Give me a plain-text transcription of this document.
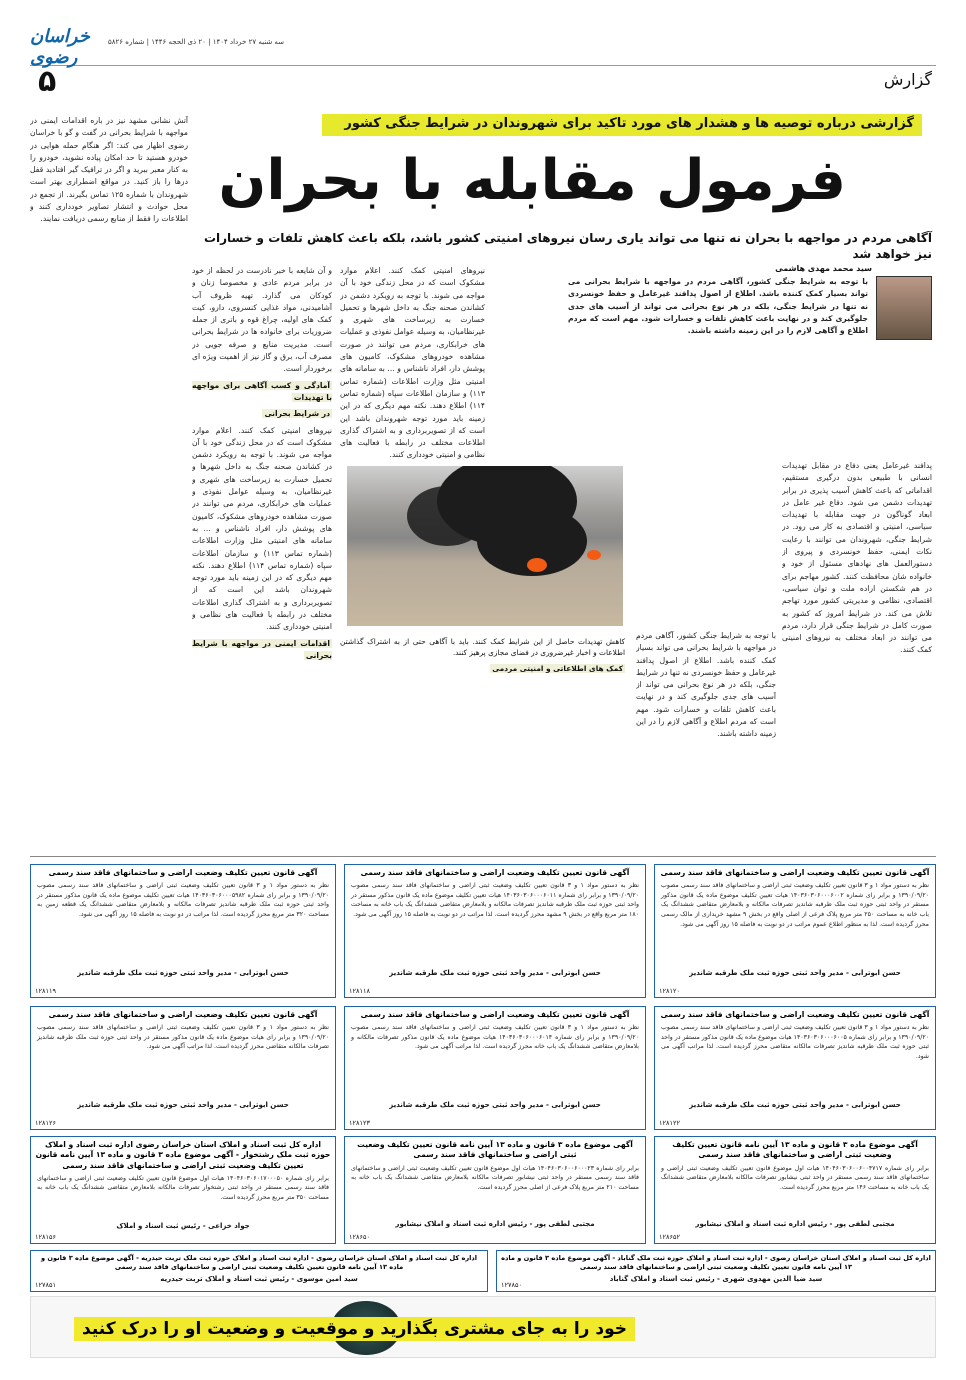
خراسان رضوی
سه شنبه ۲۷ خرداد ۱۴۰۴ | ۲۰ ذی الحجه ۱۴۴۶ | شماره ۵۸۲۶
۵	گزارش
گزارشی درباره توصیه ها و هشدار های مورد تاکید برای شهروندان در شرایط جنگی کشور
فرمول مقابله با بحران
آگاهی مردم در مواجهه با بحران نه تنها می تواند یاری رسان نیروهای امنیتی کشور باشد، بلکه باعث کاهش تلفات و خسارات نیز خواهد شد
سید محمد مهدی هاشمی
با توجه به شرایط جنگی کشور، آگاهی مردم در مواجهه با شرایط بحرانی می تواند بسیار کمک کننده باشد. اطلاع از اصول پدافند غیرعامل و حفظ خونسردی نه تنها در شرایط جنگی، بلکه در هر نوع بحرانی می تواند از آسیب های جدی جلوگیری کند و در نهایت باعث کاهش تلفات و خسارات شود. مهم است که مردم اطلاع و آگاهی لازم را در این زمینه داشته باشند.
پدافند غیرعامل یعنی دفاع در مقابل تهدیدات انسانی با طبیعی بدون درگیری مستقیم، اقداماتی که باعث کاهش آسیب پذیری در برابر تهدیدات دشمن می شود. دفاع غیر عامل در ابعاد گوناگون در جهت مقابله با تهدیدات سیاسی، امنیتی و اقتصادی به کار می رود. در شرایط جنگی، شهروندان می توانند با رعایت نکات ایمنی، حفظ خونسردی و پیروی از دستورالعمل های نهادهای مسئول از خود و خانواده شان محافظت کنند. کشور مهاجم برای در هم شکستن اراده ملت و توان سیاسی، اقتصادی، نظامی و مدیریتی کشور مورد تهاجم تلاش می کند. در شرایط امروز که کشور به صورت کامل در شرایط جنگی قرار دارد، مردم می توانند در ابعاد مختلف به نیروهای امنیتی کمک کنند.
با توجه به شرایط جنگی کشور، آگاهی مردم در مواجهه با شرایط بحرانی می تواند بسیار کمک کننده باشد. اطلاع از اصول پدافند غیرعامل و حفظ خونسردی نه تنها در شرایط جنگی، بلکه در هر نوع بحرانی می تواند از آسیب های جدی جلوگیری کند و در نهایت باعث کاهش تلفات و خسارات شود. مهم است که مردم اطلاع و آگاهی لازم را در این زمینه داشته باشند.
کاهش تهدیدات حاصل از این شرایط کمک کنند. باید با آگاهی حتی از به اشتراک گذاشتن اطلاعات و اخبار غیرضروری در فضای مجازی پرهیز کنند.
کمک های اطلاعاتی و امنیتی مردمی
نیروهای امنیتی کمک کنند. اعلام موارد مشکوک است که در محل زندگی خود با آن مواجه می شوند. با توجه به رویکرد دشمن در کشاندن صحنه جنگ به داخل شهرها و تحمیل خسارت به زیرساخت های شهری و غیرنظامیان، به وسیله عوامل نفوذی و عملیات های خرابکاری، مردم می توانند در صورت مشاهده خودروهای مشکوک، کامیون های پوشش دار، افراد ناشناس و ... به سامانه های امنیتی مثل وزارت اطلاعات (شماره تماس ۱۱۳) و سازمان اطلاعات سپاه (شماره تماس ۱۱۴) اطلاع دهند. نکته مهم دیگری که در این زمینه باید مورد توجه شهروندان باشد این است که از تصویربرداری و به اشتراک گذاری اطلاعات مختلف در رابطه با فعالیت های نظامی و امنیتی خودداری کنند.
و آن شایعه با خبر نادرست در لحظه از خود در برابر مردم عادی و مخصوصا زنان و کودکان می گذارد. تهیه ظروف آب آشامیدنی، مواد غذایی کنسروی، دارو، کیت کمک های اولیه، چراغ قوه و باتری از جمله ضروریات برای خانواده ها در شرایط بحرانی است. مدیریت منابع و صرفه جویی در مصرف آب، برق و گاز نیز از اهمیت ویژه ای برخوردار است.
آمادگی و کسب آگاهی برای مواجهه با تهدیدات
در شرایط بحرانی
نیروهای امنیتی کمک کنند. اعلام موارد مشکوک است که در محل زندگی خود با آن مواجه می شوند. با توجه به رویکرد دشمن در کشاندن صحنه جنگ به داخل شهرها و تحمیل خسارت به زیرساخت های شهری و غیرنظامیان، به وسیله عوامل نفوذی و عملیات های خرابکاری، مردم می توانند در صورت مشاهده خودروهای مشکوک، کامیون های پوشش دار، افراد ناشناس و ... به سامانه های امنیتی مثل وزارت اطلاعات (شماره تماس ۱۱۳) و سازمان اطلاعات سپاه (شماره تماس ۱۱۴) اطلاع دهند. نکته مهم دیگری که در این زمینه باید مورد توجه شهروندان باشد این است که از تصویربرداری و به اشتراک گذاری اطلاعات مختلف در رابطه با فعالیت های نظامی و امنیتی خودداری کنند.
اقدامات ایمنی در مواجهه با شرایط بحرانی
آتش نشانی مشهد نیز در باره اقدامات ایمنی در مواجهه با شرایط بحرانی در گفت و گو با خراسان رضوی اظهار می کند: اگر هنگام حمله هوایی در خودرو هستید تا حد امکان پیاده نشوید، خودرو را به کنار معبر ببرید و اگر در ترافیک گیر افتادید قفل درها را باز کنید. در مواقع اضطراری بهتر است شهروندان با شماره ۱۲۵ تماس بگیرند. از تجمع در محل حوادث و انتشار تصاویر خودداری کنند و اطلاعات را فقط از منابع رسمی دریافت نمایند.
آگهی قانون تعیین تکلیف وضعیت اراضی و ساختمانهای فاقد سند رسمی
نظر به دستور مواد ۱ و ۳ قانون تعیین تکلیف وضعیت ثبتی اراضی و ساختمانهای فاقد سند رسمی مصوب ۱۳۹۰/۰۹/۲۰ و برابر رای شماره ۱۴۰۳۶۰۳۰۶۰۰۰۶۰۰۲ هیات تعیین تکلیف موضوع ماده یک قانون مذکور مستقر در واحد ثبتی حوزه ثبت ملک طرقبه شاندیز تصرفات مالکانه و بلامعارض متقاضی ششدانگ یک باب خانه به مساحت ۲۵۰ متر مربع پلاک فرعی از اصلی واقع در بخش ۹ مشهد خریداری از مالک رسمی محرز گردیده است. لذا به منظور اطلاع عموم مراتب در دو نوبت به فاصله ۱۵ روز آگهی می شود.
حسن ابوترابی - مدیر واحد ثبتی حوزه ثبت ملک طرقبه شاندیز
۱۲۸۱۲۰
آگهی قانون تعیین تکلیف وضعیت اراضی و ساختمانهای فاقد سند رسمی
نظر به دستور مواد ۱ و ۳ قانون تعیین تکلیف وضعیت ثبتی اراضی و ساختمانهای فاقد سند رسمی مصوب ۱۳۹۰/۰۹/۲۰ و برابر رای شماره ۱۴۰۳۶۰۳۰۶۰۰۰۶۰۱۱ هیات تعیین تکلیف موضوع ماده یک قانون مذکور مستقر در واحد ثبتی حوزه ثبت ملک طرقبه شاندیز تصرفات مالکانه و بلامعارض متقاضی ششدانگ یک باب خانه به مساحت ۱۸۰ متر مربع واقع در بخش ۹ مشهد محرز گردیده است. لذا مراتب در دو نوبت به فاصله ۱۵ روز آگهی می شود.
حسن ابوترابی - مدیر واحد ثبتی حوزه ثبت ملک طرقبه شاندیز
۱۲۸۱۱۸
آگهی قانون تعیین تکلیف وضعیت اراضی و ساختمانهای فاقد سند رسمی
نظر به دستور مواد ۱ و ۳ قانون تعیین تکلیف وضعیت ثبتی اراضی و ساختمانهای فاقد سند رسمی مصوب ۱۳۹۰/۰۹/۲۰ و برابر رای شماره ۱۴۰۳۶۰۳۰۶۰۰۰۵۹۸۲ هیات تعیین تکلیف موضوع ماده یک قانون مذکور مستقر در واحد ثبتی حوزه ثبت ملک طرقبه شاندیز تصرفات مالکانه و بلامعارض متقاضی ششدانگ یک قطعه زمین به مساحت ۳۲۰ متر مربع محرز گردیده است. لذا مراتب در دو نوبت به فاصله ۱۵ روز آگهی می شود.
حسن ابوترابی - مدیر واحد ثبتی حوزه ثبت ملک طرقبه شاندیز
۱۲۸۱۱۹
آگهی قانون تعیین تکلیف وضعیت اراضی و ساختمانهای فاقد سند رسمی
نظر به دستور مواد ۱ و ۳ قانون تعیین تکلیف وضعیت ثبتی اراضی و ساختمانهای فاقد سند رسمی مصوب ۱۳۹۰/۰۹/۲۰ و برابر رای شماره ۱۴۰۳۶۰۳۰۶۰۰۰۶۰۰۵ هیات موضوع ماده یک قانون مذکور مستقر در واحد ثبتی حوزه ثبت ملک طرقبه شاندیز تصرفات مالکانه متقاضی محرز گردیده است. لذا مراتب آگهی می شود.
حسن ابوترابی - مدیر واحد ثبتی حوزه ثبت ملک طرقبه شاندیز
۱۲۸۱۲۲
آگهی قانون تعیین تکلیف وضعیت اراضی و ساختمانهای فاقد سند رسمی
نظر به دستور مواد ۱ و ۳ قانون تعیین تکلیف وضعیت ثبتی اراضی و ساختمانهای فاقد سند رسمی مصوب ۱۳۹۰/۰۹/۲۰ و برابر رای شماره ۱۴۰۳۶۰۳۰۶۰۰۰۶۰۱۴ هیات موضوع ماده یک قانون مذکور تصرفات مالکانه و بلامعارض متقاضی ششدانگ یک باب خانه محرز گردیده است. لذا مراتب آگهی می شود.
حسن ابوترابی - مدیر واحد ثبتی حوزه ثبت ملک طرقبه شاندیز
۱۲۸۱۲۳
آگهی قانون تعیین تکلیف وضعیت اراضی و ساختمانهای فاقد سند رسمی
نظر به دستور مواد ۱ و ۳ قانون تعیین تکلیف وضعیت ثبتی اراضی و ساختمانهای فاقد سند رسمی مصوب ۱۳۹۰/۰۹/۲۰ و برابر رای هیات موضوع ماده یک قانون مذکور مستقر در واحد ثبتی حوزه ثبت ملک طرقبه شاندیز تصرفات مالکانه متقاضی محرز گردیده است. لذا مراتب آگهی می شود.
حسن ابوترابی - مدیر واحد ثبتی حوزه ثبت ملک طرقبه شاندیز
۱۲۸۱۲۶
آگهی موضوع ماده ۳ قانون و ماده ۱۳ آیین نامه قانون تعیین تکلیف وضعیت ثبتی اراضی و ساختمانهای فاقد سند رسمی
برابر رای شماره ۱۴۰۴۶۰۳۰۶۰۰۶۰۰۴۷۱۷ هیات اول موضوع قانون تعیین تکلیف وضعیت ثبتی اراضی و ساختمانهای فاقد سند رسمی مستقر در واحد ثبتی نیشابور تصرفات مالکانه بلامعارض متقاضی ششدانگ یک باب خانه به مساحت ۱۴۶ متر مربع محرز گردیده است.
مجتبی لطفی پور - رئیس اداره ثبت اسناد و املاک نیشابور
۱۲۸۶۵۲
آگهی موضوع ماده ۳ قانون و ماده ۱۳ آیین نامه قانون تعیین تکلیف وضعیت ثبتی اراضی و ساختمانهای فاقد سند رسمی
برابر رای شماره ۱۴۰۴۶۰۳۰۶۰۰۶۰۰۰۲۳ هیات اول موضوع قانون تعیین تکلیف وضعیت ثبتی اراضی و ساختمانهای فاقد سند رسمی مستقر در واحد ثبتی نیشابور تصرفات مالکانه بلامعارض متقاضی ششدانگ یک باب خانه به مساحت ۲۱۰ متر مربع پلاک فرعی از اصلی محرز گردیده است.
مجتبی لطفی پور - رئیس اداره ثبت اسناد و املاک نیشابور
۱۲۸۶۵۰
اداره کل ثبت اسناد و املاک استان خراسان رضوی اداره ثبت اسناد و املاک حوزه ثبت ملک رشتخوار - آگهی موضوع ماده ۳ قانون و ماده ۱۳ آیین نامه قانون تعیین تکلیف وضعیت ثبتی اراضی و ساختمانهای فاقد سند رسمی
برابر رای شماره ۱۴۰۴۶۰۳۰۶۰۱۷۰۰۰۵۰ هیات اول موضوع قانون تعیین تکلیف وضعیت ثبتی اراضی و ساختمانهای فاقد سند رسمی مستقر در واحد ثبتی رشتخوار تصرفات مالکانه بلامعارض متقاضی ششدانگ یک باب خانه به مساحت ۳۵۰ متر مربع محرز گردیده است.
جواد خزاعی - رئیس ثبت اسناد و املاک
۱۲۸۱۵۶
اداره کل ثبت اسناد و املاک استان خراسان رضوی - اداره ثبت اسناد و املاک حوزه ثبت ملک گناباد - آگهی موضوع ماده ۳ قانون و ماده ۱۳ آیین نامه قانون تعیین تکلیف وضعیت ثبتی اراضی و ساختمانهای فاقد سند رسمی
سید ضیا الدین مهدوی شهری - رئیس ثبت اسناد و املاک گناباد
۱۲۷۸۵۰
اداره کل ثبت اسناد و املاک استان خراسان رضوی - اداره ثبت اسناد و املاک حوزه ثبت ملک تربت حیدریه - آگهی موضوع ماده ۳ قانون و ماده ۱۳ آیین نامه قانون تعیین تکلیف وضعیت ثبتی اراضی و ساختمانهای فاقد سند رسمی
سید امین موسوی - رئیس ثبت اسناد و املاک تربت حیدریه
۱۲۷۸۵۱
خود را به جای مشتری بگذارید و موقعیت و وضعیت او را درک کنید
